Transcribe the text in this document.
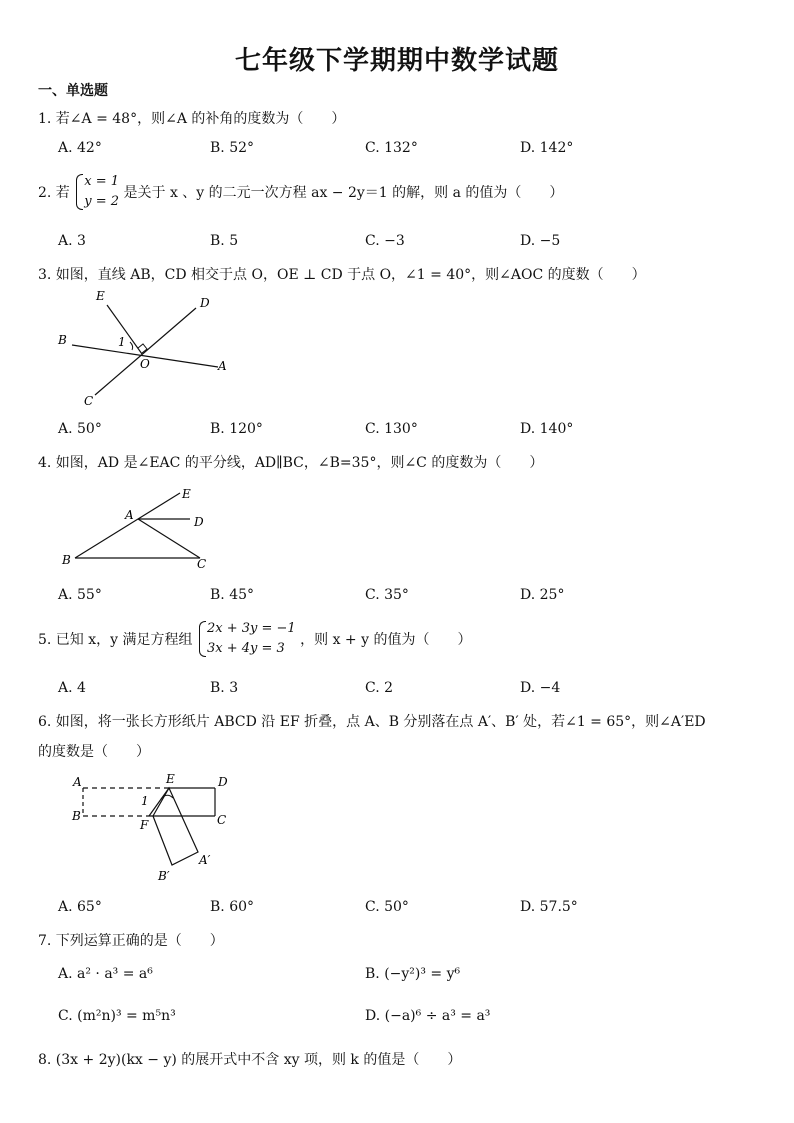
七年级下学期期中数学试题
一、单选题
1. 若∠A = 48°，则∠A 的补角的度数为（　　）
A. 42°	B. 52°	C. 132°	D. 142°
2. 若 x = 1
y = 2 是关于 x 、y 的二元一次方程 ax − 2y＝1 的解，则 a 的值为（　　）
A. 3	B. 5	C. −3	D. −5
3. 如图，直线 AB，CD 相交于点 O，OE ⊥ CD 于点 O，∠1 = 40°，则∠AOC 的度数（　　）
E	D
B	1
O	A
C
A. 50°	B. 120°	C. 130°	D. 140°
4. 如图，AD 是∠EAC 的平分线，AD∥BC，∠B=35°，则∠C 的度数为（　　）
E
A	D
B	C
A. 55°	B. 45°	C. 35°	D. 25°
5. 已知 x，y 满足方程组 2x + 3y = −1
3x + 4y = 3 ，则 x + y 的值为（　　）
A. 4	B. 3	C. 2	D. −4
6. 如图，将一张长方形纸片 ABCD 沿 EF 折叠，点 A、B 分别落在点 A′、B′ 处，若∠1 = 65°，则∠A′ED
的度数是（　　）
A	E	D
1
B
F	C
A′
B′
A. 65°	B. 60°	C. 50°	D. 57.5°
7. 下列运算正确的是（　　）
A. a² · a³ = a⁶	B. (−y²)³ = y⁶
C. (m²n)³ = m⁵n³	D. (−a)⁶ ÷ a³ = a³
8. (3x + 2y)(kx − y) 的展开式中不含 xy 项，则 k 的值是（　　）
